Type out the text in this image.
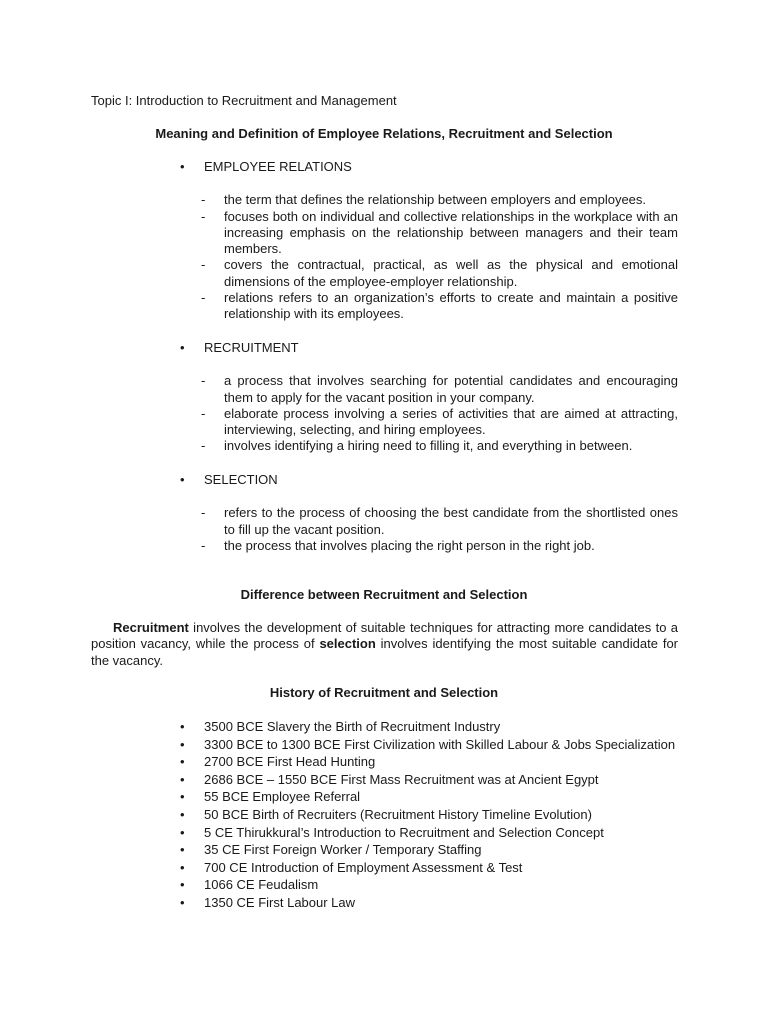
Topic I: Introduction to Recruitment and Management
Meaning and Definition of Employee Relations, Recruitment and Selection
• EMPLOYEE RELATIONS
- the term that defines the relationship between employers and employees.
- focuses both on individual and collective relationships in the workplace with an increasing emphasis on the relationship between managers and their team members.
- covers the contractual, practical, as well as the physical and emotional dimensions of the employee-employer relationship.
- relations refers to an organization’s efforts to create and maintain a positive relationship with its employees.
• RECRUITMENT
- a process that involves searching for potential candidates and encouraging them to apply for the vacant position in your company.
- elaborate process involving a series of activities that are aimed at attracting, interviewing, selecting, and hiring employees.
- involves identifying a hiring need to filling it, and everything in between.
• SELECTION
- refers to the process of choosing the best candidate from the shortlisted ones to fill up the vacant position.
- the process that involves placing the right person in the right job.
Difference between Recruitment and Selection

Recruitment involves the development of suitable techniques for attracting more candidates to a position vacancy, while the process of selection involves identifying the most suitable candidate for the vacancy.

History of Recruitment and Selection
• 3500 BCE Slavery the Birth of Recruitment Industry
• 3300 BCE to 1300 BCE First Civilization with Skilled Labour & Jobs Specialization
• 2700 BCE First Head Hunting
• 2686 BCE – 1550 BCE First Mass Recruitment was at Ancient Egypt
• 55 BCE Employee Referral
• 50 BCE Birth of Recruiters (Recruitment History Timeline Evolution)
• 5 CE Thirukkural’s Introduction to Recruitment and Selection Concept
• 35 CE First Foreign Worker / Temporary Staffing
• 700 CE Introduction of Employment Assessment & Test
• 1066 CE Feudalism
• 1350 CE First Labour Law
